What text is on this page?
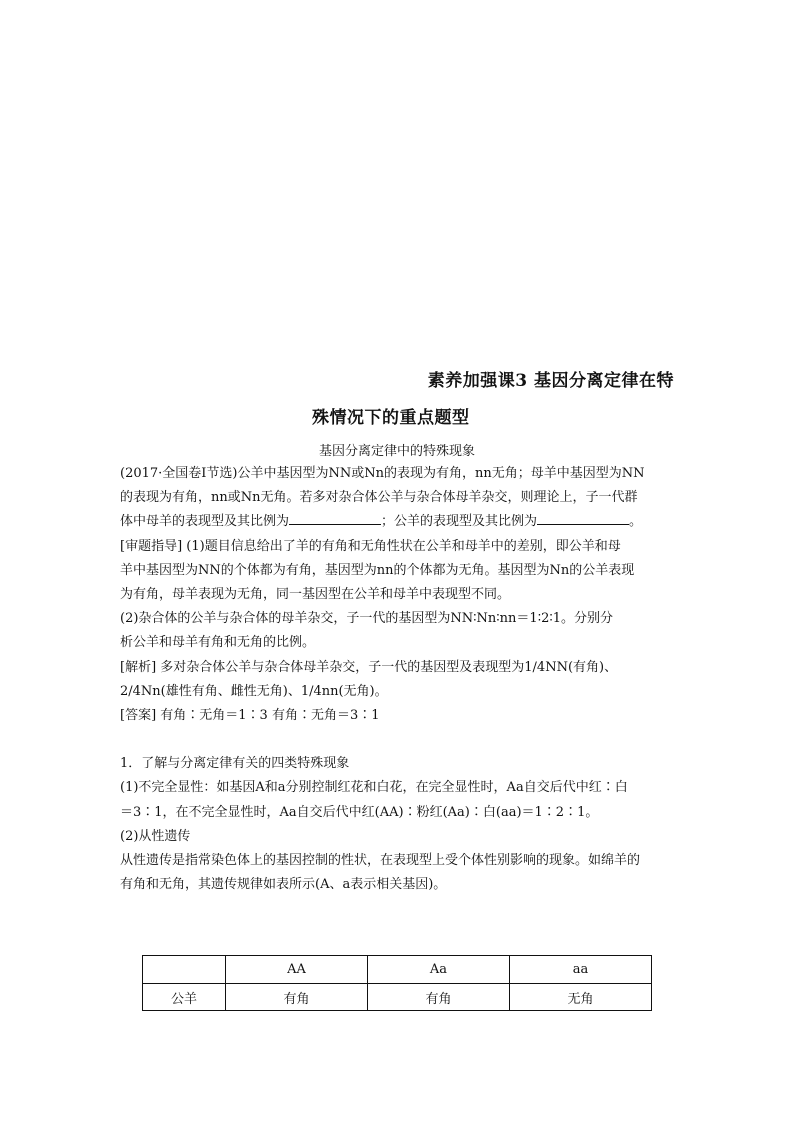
素养加强课3 基因分离定律在特
殊情况下的重点题型
基因分离定律中的特殊现象

(2017·全国卷Ⅰ节选)公羊中基因型为NN或Nn的表现为有角，nn无角；母羊中基因型为NN

的表现为有角，nn或Nn无角。若多对杂合体公羊与杂合体母羊杂交，则理论上，子一代群

体中母羊的表现型及其比例为	；公羊的表现型及其比例为	。

[审题指导] (1)题目信息给出了羊的有角和无角性状在公羊和母羊中的差别，即公羊和母

羊中基因型为NN的个体都为有角，基因型为nn的个体都为无角。基因型为Nn的公羊表现

为有角，母羊表现为无角，同一基因型在公羊和母羊中表现型不同。

(2)杂合体的公羊与杂合体的母羊杂交，子一代的基因型为NN∶Nn∶nn＝1∶2∶1。分别分

析公羊和母羊有角和无角的比例。

[解析] 多对杂合体公羊与杂合体母羊杂交，子一代的基因型及表现型为1/4NN(有角)、

2/4Nn(雄性有角、雌性无角)、1/4nn(无角)。

[答案] 有角∶无角＝1∶3 有角∶无角＝3∶1

1．了解与分离定律有关的四类特殊现象

(1)不完全显性：如基因A和a分别控制红花和白花，在完全显性时，Aa自交后代中红∶白

＝3∶1，在不完全显性时，Aa自交后代中红(AA)∶粉红(Aa)∶白(aa)＝1∶2∶1。

(2)从性遗传

从性遗传是指常染色体上的基因控制的性状，在表现型上受个体性别影响的现象。如绵羊的

有角和无角，其遗传规律如表所示(A、a表示相关基因)。

	AA	Aa	aa
公羊	有角	有角	无角
